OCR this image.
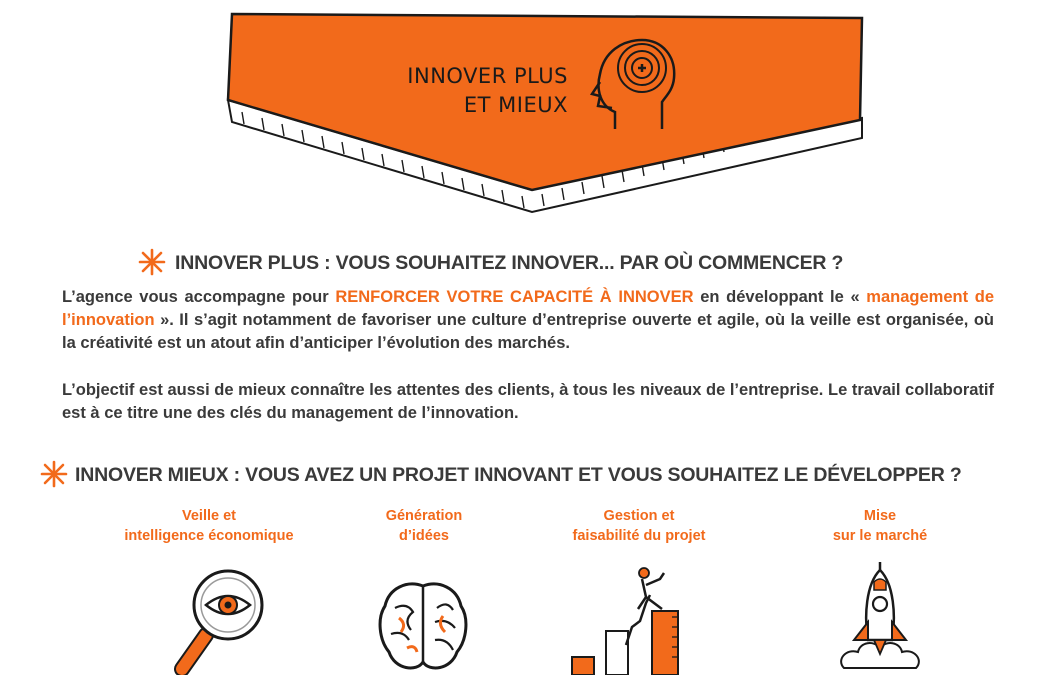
INNOVER PLUS
ET MIEUX
INNOVER PLUS : VOUS SOUHAITEZ INNOVER... PAR OÙ COMMENCER ?

L’agence vous accompagne pour RENFORCER VOTRE CAPACITÉ À INNOVER en développant le « management de l’innovation ». Il s’agit notamment de favoriser une culture d’entreprise ouverte et agile, où la veille est organisée, où la créativité est un atout afin d’anticiper l’évolution des marchés.

L’objectif est aussi de mieux connaître les attentes des clients, à tous les niveaux de l’entreprise. Le travail collaboratif est à ce titre une des clés du management de l’innovation.

INNOVER MIEUX : VOUS AVEZ UN PROJET INNOVANT ET VOUS SOUHAITEZ LE DÉVELOPPER ?
Veille et
intelligence économique
Génération
d’idées
Gestion et
faisabilité du projet
Mise
sur le marché
